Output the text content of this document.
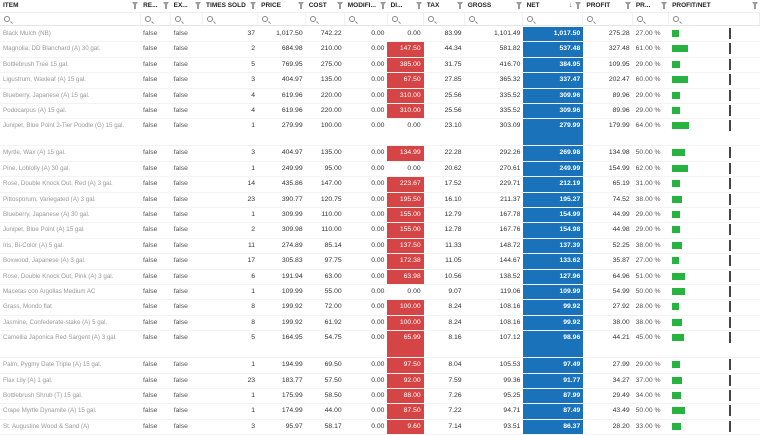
ITEM	RE...	EX...	TIMES SOLD	PRICE	COST	MODIFI...	DI...	TAX	GROSS	NET	↓	PROFIT	PR...	PROFIT/NET
Black Mulch (NB)	false	false	37	1,017.50	742.22	0.00	0.00	83.99	1,101.49	1,017.50	275.28 27.00 %
Magnolia, DD Blanchard (A) 30 gal.	false	false	2	684.98	210.00	0.00	147.50	44.34	581.82	537.48	327.48 61.00 %
Bottlebrush Tree 15 gal.	false	false	5	769.95	275.00	0.00	385.00	31.75	416.70	384.95	109.95 29.00 %
Ligustrum, Waxleaf (A) 15 gal.	false	false	3	404.97	135.00	0.00	67.50	27.85	365.32	337.47	202.47 60.00 %
Blueberry, Japanese (A) 15 gal.	false	false	4	619.96	220.00	0.00	310.00	25.56	335.52	309.96	89.96 29.00 %
Podocarpus (A) 15 gal.	false	false	4	619.96	220.00	0.00	310.00	25.56	335.52	309.96	89.96 29.00 %
Juniper, Blue Point 2-Tier Poodle (G) 15 gal.	false	false	1	279.99	100.00	0.00	0.00	23.10	303.09	279.99	179.99 64.00 %
Myrtle, Wax (A) 15 gal.	false	false	3	404.97	135.00	0.00	134.99	22.28	292.26	269.98	134.98 50.00 %
Pine, Loblolly (A) 30 gal.	false	false	1	249.99	95.00	0.00	0.00	20.62	270.61	249.99	154.99 62.00 %
Rose, Double Knock Out, Red (A) 3 gal.	false	false	14	435.86	147.00	0.00	223.67	17.52	229.71	212.19	65.19 31.00 %
Pittosporum, Variegated (A) 3 gal.	false	false	23	390.77	120.75	0.00	195.50	16.10	211.37	195.27	74.52 38.00 %
Blueberry, Japanese (A) 30 gal.	false	false	1	309.99	110.00	0.00	155.00	12.79	167.78	154.99	44.99 29.00 %
Juniper, Blue Point (A) 15 gal.	false	false	2	309.98	110.00	0.00	155.00	12.78	167.76	154.98	44.98 29.00 %
Iris, Bi-Color (A) 5 gal.	false	false	11	274.89	85.14	0.00	137.50	11.33	148.72	137.39	52.25 38.00 %
Boxwood, Japanese (A) 3 gal.	false	false	17	305.83	97.75	0.00	172.38	11.05	144.67	133.62	35.87 27.00 %
Rose, Double Knock Out, Pink (A) 3 gal.	false	false	6	191.94	63.00	0.00	63.98	10.56	138.52	127.96	64.96 51.00 %
Macetas con Argollas Medium AC	false	false	1	109.99	55.00	0.00	0.00	9.07	119.06	109.99	54.99 50.00 %
Grass, Mondo flat	false	false	8	199.92	72.00	0.00	100.00	8.24	108.16	99.92	27.92 28.00 %
Jasmine, Confederate-stake (A) 5 gal.	false	false	8	199.92	61.92	0.00	100.00	8.24	108.16	99.92	38.00 38.00 %
Camellia Japonica Red Sargent (A) 3 gal.	false	false	5	164.95	54.75	0.00	65.99	8.16	107.12	98.96	44.21 45.00 %
Palm, Pygmy Date Triple (A) 15 gal.	false	false	1	194.99	69.50	0.00	97.50	8.04	105.53	97.49	27.99 29.00 %
Flax Lily (A) 1 gal.	false	false	23	183.77	57.50	0.00	92.00	7.59	99.36	91.77	34.27 37.00 %
Bottlebrush Shrub (T) 15 gal.	false	false	1	175.99	58.50	0.00	88.00	7.26	95.25	87.99	29.49 34.00 %
Crape Myrtle Dynamite (A) 15 gal.	false	false	1	174.99	44.00	0.00	87.50	7.22	94.71	87.49	43.49 50.00 %
St. Augustine Wood & Sand (A)	false	false	3	95.97	58.17	0.00	9.60	7.14	93.51	86.37	28.20 33.00 %
